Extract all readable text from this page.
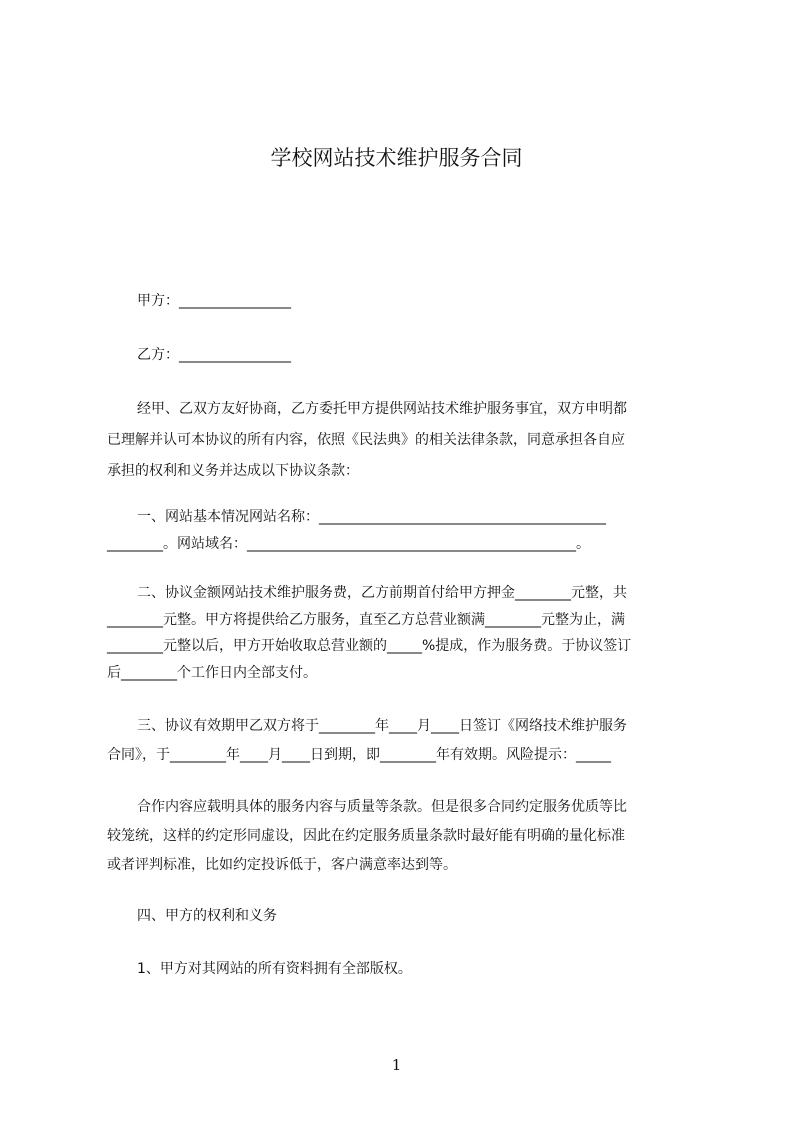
学校网站技术维护服务合同
甲方：________________
乙方：________________
经甲、乙双方友好协商，乙方委托甲方提供网站技术维护服务事宜，双方申明都
已理解并认可本协议的所有内容，依照《民法典》的相关法律条款，同意承担各自应
承担的权利和义务并达成以下协议条款：
一、网站基本情况网站名称：_________________________________________
________。网站域名：_______________________________________________。
二、协议金额网站技术维护服务费，乙方前期首付给甲方押金________元整，共
________元整。甲方将提供给乙方服务，直至乙方总营业额满________元整为止，满
________元整以后，甲方开始收取总营业额的_____%提成，作为服务费。于协议签订
后________个工作日内全部支付。
三、协议有效期甲乙双方将于________年____月____日签订《网络技术维护服务
合同》，于________年____月____日到期，即________年有效期。风险提示：_____
合作内容应载明具体的服务内容与质量等条款。但是很多合同约定服务优质等比
较笼统，这样的约定形同虚设，因此在约定服务质量条款时最好能有明确的量化标准
或者评判标准，比如约定投诉低于，客户满意率达到等。
四、甲方的权利和义务
1、甲方对其网站的所有资料拥有全部版权。
1
